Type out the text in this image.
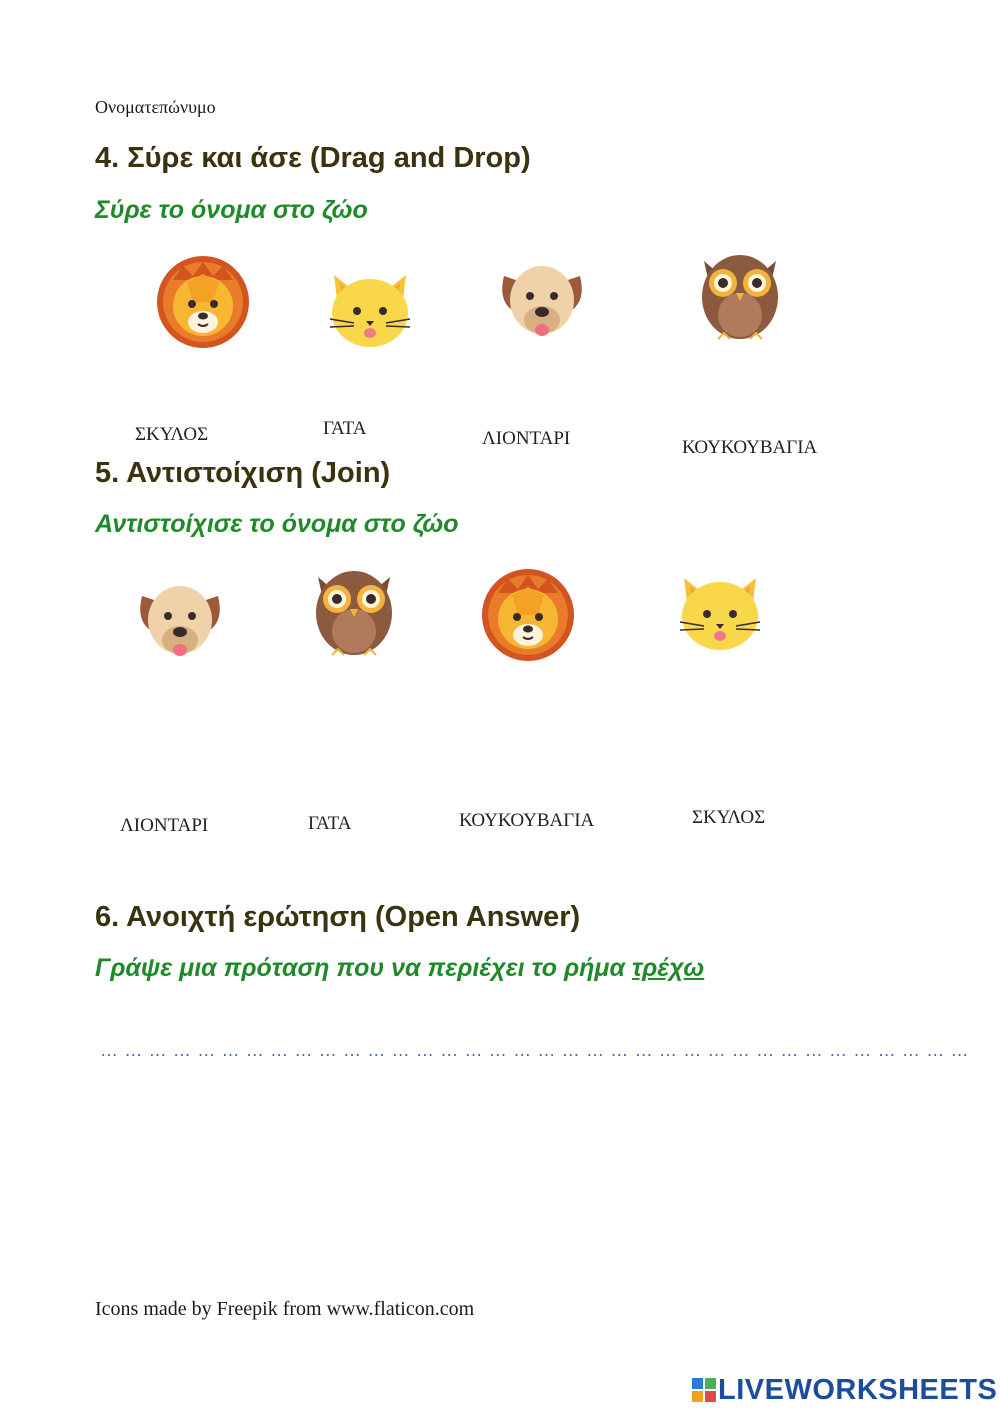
Ονοματεπώνυμο
4. Σύρε και άσε (Drag and Drop)
Σύρε το όνομα στο ζώο
ΣΚΥΛΟΣ	ΓΑΤΑ	ΛΙΟΝΤΑΡΙ	ΚΟΥΚΟΥΒΑΓΙΑ
5. Αντιστοίχιση (Join)
Αντιστοίχισε το όνομα στο ζώο
ΛΙΟΝΤΑΡΙ	ΓΑΤΑ	ΚΟΥΚΟΥΒΑΓΙΑ	ΣΚΥΛΟΣ
6. Ανοιχτή ερώτηση (Open Answer)
Γράψε μια πρόταση που να περιέχει το ρήμα τρέχω
………………………………………………………………………………………………
Icons made by Freepik from www.flaticon.com
LIVEWORKSHEETS
